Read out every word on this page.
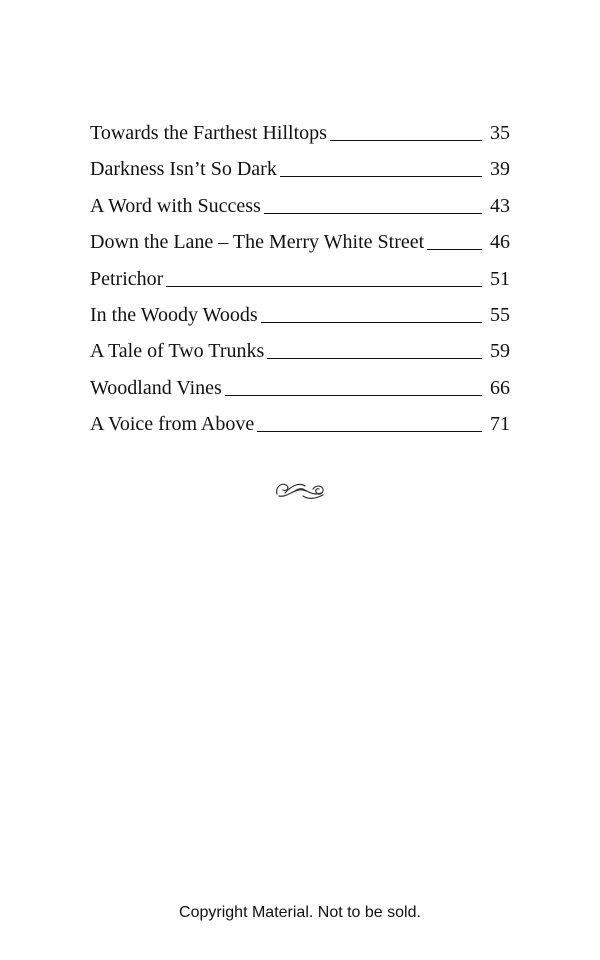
Towards the Farthest Hilltops	35
Darkness Isn’t So Dark	39
A Word with Success	43
Down the Lane – The Merry White Street	46
Petrichor	51
In the Woody Woods	55
A Tale of Two Trunks	59
Woodland Vines	66
A Voice from Above	71
Copyright Material. Not to be sold.
